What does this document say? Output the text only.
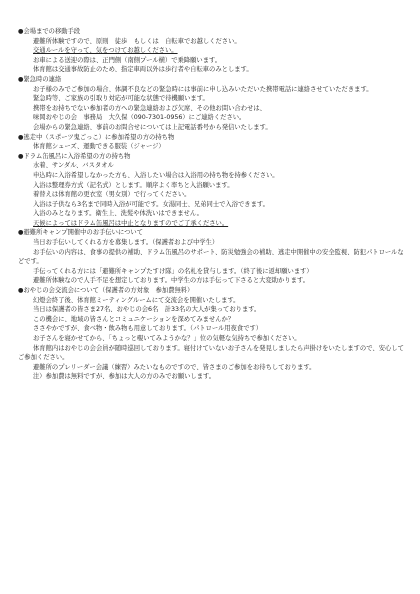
●会場までの移動手段
避難所体験ですので、原則　徒歩　もしくは　自転車でお越しください。
交通ルールを守って、気をつけてお越しください。
お車による送迎の際は、正門側（南側プール横）で乗降願います。
体育館は交通事故防止のため、指定車両以外は歩行者や自転車のみとします。
●緊急時の連絡
お子様のみでご参加の場合、体調不良などの緊急時には事前に申し込みいただいた携帯電話に連絡させていただきます。
緊急時等、ご家族の引取り対応が可能な状態で待機願います。
携帯をお持ちでない参加者の方への緊急連絡および欠席、その他お問い合わせは、
味岡おやじの会　事務局　大久保（090-7301-0956）にご連絡ください。
会場からの緊急連絡、事前のお問合せについては上記電話番号から発信いたします。
●逃走中（スポーツ鬼ごっこ）に参加希望の方の持ち物
体育館シューズ、運動できる服装（ジャージ）
●ドラム缶風呂に入浴希望の方の持ち物
水着、サンダル、バスタオル
申込時に入浴希望しなかった方も、入浴したい場合は入浴用の持ち物を持参ください。
入浴は整理券方式（記名式）とします。順序よく率ちと入浴願います。
着替えは体育館の更衣室（男女別）で行ってください。
入浴は子供なら3名まで同時入浴が可能です。女湯同士、兄弟同士で入浴できます。
入浴のみとなります。衛生上、洗髪や体洗いはできません。
天候によってはドラム缶風呂は中止となりますのでご了承ください。
●避難所キャンプ開催中のお手伝いについて
当日お手伝いしてくれる方を募集します。（保護者および中学生）
お手伝いの内容は、食事の提供の補助、ドラム缶風呂のサポート、防災勉強会の補助、逃走中開催中の安全監視、防犯パトロールなどです。
手伝ってくれる方には「避難所キャンプたすけ隊」の名札を貸与します。（終了後に返却願います）
避難所体験なので人手不足を想定しております。中学生の方は手伝って下さると大変助かります。
●おやじの会交流会について（保護者の方対象　参加費無料）
幻燈会終了後、体育館ミーティングルームにて交流会を開催いたします。
当日は保護者の皆さま27名、おやじの会6名　計33名の大人が集っております。
この機会に、地域の皆さんとコミュニケーションを深めてみませんか？
ささやかですが、食べ物・飲み物も用意しております。（パトロール用夜食です）
お子さんを寝かせてから、「ちょっと覗いてみようかな？」位の気軽な気持ちで参加ください。
体育館内はおやじの会会員が随時巡回しております。寝付けていないお子さんを発見しましたら声掛けをいたしますので、安心してご参加ください。
避難所のプレリーダー会議（練習）みたいなものですので、皆さまのご参加をお待ちしております。
注）参加費は無料ですが、参加は大人の方のみでお願いします。
